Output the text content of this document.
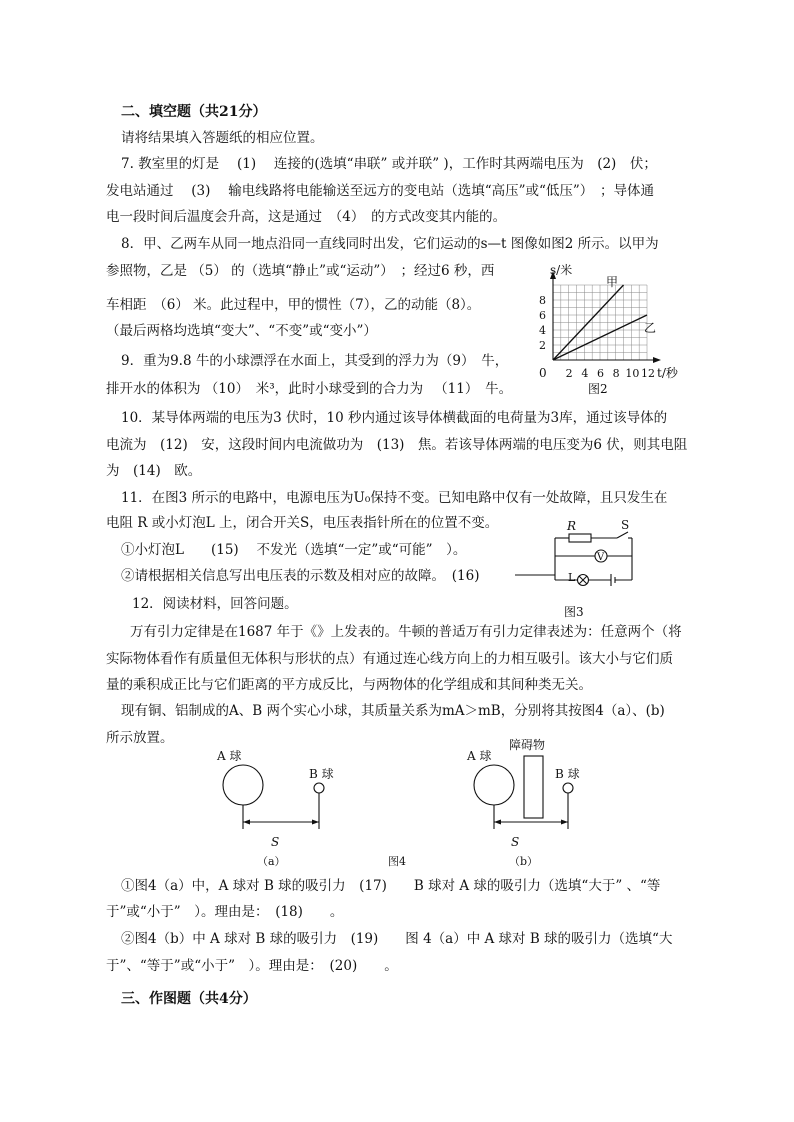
二、填空题（共21分）
请将结果填入答题纸的相应位置。
7. 教室里的灯是 　(1) 　连接的(选填“串联” 或并联” )，工作时其两端电压为　(2)　伏；
发电站通过　 (3) 　输电线路将电能输送至远方的变电站（选填“高压”或“低压”）　；导体通
电一段时间后温度会升高，这是通过　（4）　的方式改变其内能的。
8．甲、乙两车从同一地点沿同一直线同时出发，它们运动的s—t 图像如图2 所示。以甲为
参照物，乙是 （5） 的（选填“静止”或“运动”）　；经过6 秒，西
车相距　（6） 米。此过程中，甲的惯性（7），乙的动能（8）。
（最后两格均选填“变大”、“不变”或“变小”）
2 4 6 8 10 12
2
4
6
8
s/米
t/秒
0
甲
乙
图2
9．重为9.8 牛的小球漂浮在水面上，其受到的浮力为（9）　牛，
排开水的体积为 （10）　米³，此时小球受到的合力为 　（11）　牛。
10．某导体两端的电压为3 伏时，10 秒内通过该导体横截面的电荷量为3库，通过该导体的
电流为　(12)　安，这段时间内电流做功为　(13)　焦。若该导体两端的电压变为6 伏，则其电阻
为　(14)　欧。
11．在图3 所示的电路中，电源电压为U₀保持不变。已知电路中仅有一处故障，且只发生在
电阻 R 或小灯泡L 上，闭合开关S，电压表指针所在的位置不变。
①小灯泡L　　(15) 　不发光（选填“一定”或“可能”　）。
②请根据相关信息写出电压表的示数及相对应的故障。　(16)
R	S
V
L
图3
12．阅读材料，回答问题。
万有引力定律是在1687 年于《》上发表的。牛顿的普适万有引力定律表述为：任意两个（将
实际物体看作有质量但无体积与形状的点）有通过连心线方向上的力相互吸引。该大小与它们质
量的乘积成正比与它们距离的平方成反比，与两物体的化学组成和其间种类无关。
现有铜、铝制成的A、B 两个实心小球，其质量关系为mA＞mB，分别将其按图4（a）、(b)
所示放置。
A 球
B 球
S
（a）	图4
A 球
障碍物
B 球
S
（b）
①图4（a）中，A 球对 B 球的吸引力　(17)　　B 球对 A 球的吸引力（选填“大于” 、“等
于”或“小于”　）。理由是：　(18)　　。
②图4（b）中 A 球对 B 球的吸引力　(19)　　图 4（a）中 A 球对 B 球的吸引力（选填“大
于”、“等于”或“小于”　）。理由是：　(20)　　。
三、作图题（共4分）
